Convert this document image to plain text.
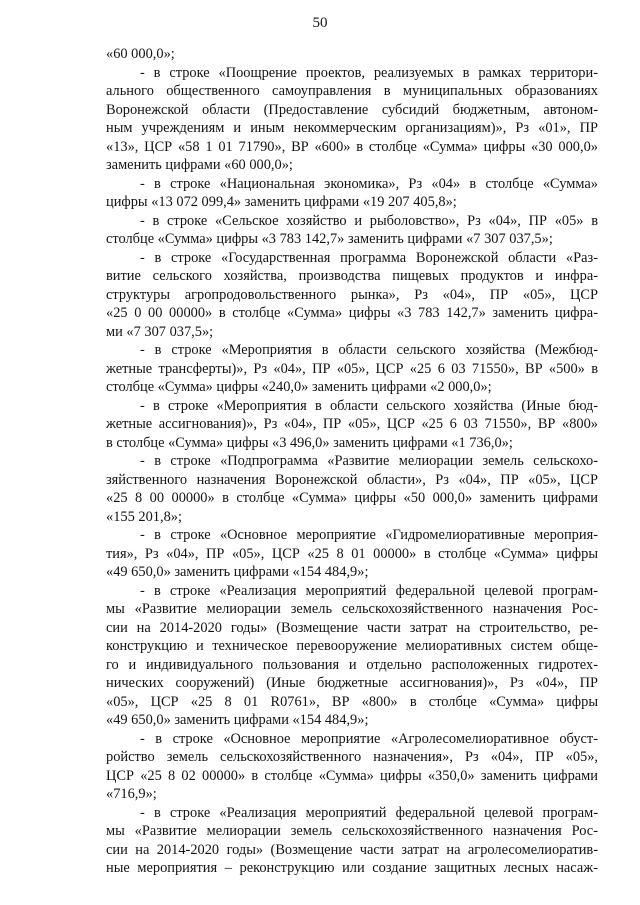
50
«60 000,0»;
- в строке «Поощрение проектов, реализуемых в рамках территори-
ального общественного самоуправления в муниципальных образованиях
Воронежской области (Предоставление субсидий бюджетным, автоном-
ным учреждениям и иным некоммерческим организациям)», Рз «01», ПР
«13», ЦСР «58 1 01 71790», ВР «600» в столбце «Сумма» цифры «30 000,0»
заменить цифрами «60 000,0»;
- в строке «Национальная экономика», Рз «04» в столбце «Сумма»
цифры «13 072 099,4» заменить цифрами «19 207 405,8»;
- в строке «Сельское хозяйство и рыболовство», Рз «04», ПР «05» в
столбце «Сумма» цифры «3 783 142,7» заменить цифрами «7 307 037,5»;
- в строке «Государственная программа Воронежской области «Раз-
витие сельского хозяйства, производства пищевых продуктов и инфра-
структуры агропродовольственного рынка», Рз «04», ПР «05», ЦСР
«25 0 00 00000» в столбце «Сумма» цифры «3 783 142,7» заменить цифра-
ми «7 307 037,5»;
- в строке «Мероприятия в области сельского хозяйства (Межбюд-
жетные трансферты)», Рз «04», ПР «05», ЦСР «25 6 03 71550», ВР «500» в
столбце «Сумма» цифры «240,0» заменить цифрами «2 000,0»;
- в строке «Мероприятия в области сельского хозяйства (Иные бюд-
жетные ассигнования)», Рз «04», ПР «05», ЦСР «25 6 03 71550», ВР «800»
в столбце «Сумма» цифры «3 496,0» заменить цифрами «1 736,0»;
- в строке «Подпрограмма «Развитие мелиорации земель сельскохо-
зяйственного назначения Воронежской области», Рз «04», ПР «05», ЦСР
«25 8 00 00000» в столбце «Сумма» цифры «50 000,0» заменить цифрами
«155 201,8»;
- в строке «Основное мероприятие «Гидромелиоративные мероприя-
тия», Рз «04», ПР «05», ЦСР «25 8 01 00000» в столбце «Сумма» цифры
«49 650,0» заменить цифрами «154 484,9»;
- в строке «Реализация мероприятий федеральной целевой програм-
мы «Развитие мелиорации земель сельскохозяйственного назначения Рос-
сии на 2014-2020 годы» (Возмещение части затрат на строительство, ре-
конструкцию и техническое перевооружение мелиоративных систем обще-
го и индивидуального пользования и отдельно расположенных гидротех-
нических сооружений) (Иные бюджетные ассигнования)», Рз «04», ПР
«05», ЦСР «25 8 01 R0761», ВР «800» в столбце «Сумма» цифры
«49 650,0» заменить цифрами «154 484,9»;
- в строке «Основное мероприятие «Агролесомелиоративное обуст-
ройство земель сельскохозяйственного назначения», Рз «04», ПР «05»,
ЦСР «25 8 02 00000» в столбце «Сумма» цифры «350,0» заменить цифрами
«716,9»;
- в строке «Реализация мероприятий федеральной целевой програм-
мы «Развитие мелиорации земель сельскохозяйственного назначения Рос-
сии на 2014-2020 годы» (Возмещение части затрат на агролесомелиоратив-
ные мероприятия – реконструкцию или создание защитных лесных насаж-
